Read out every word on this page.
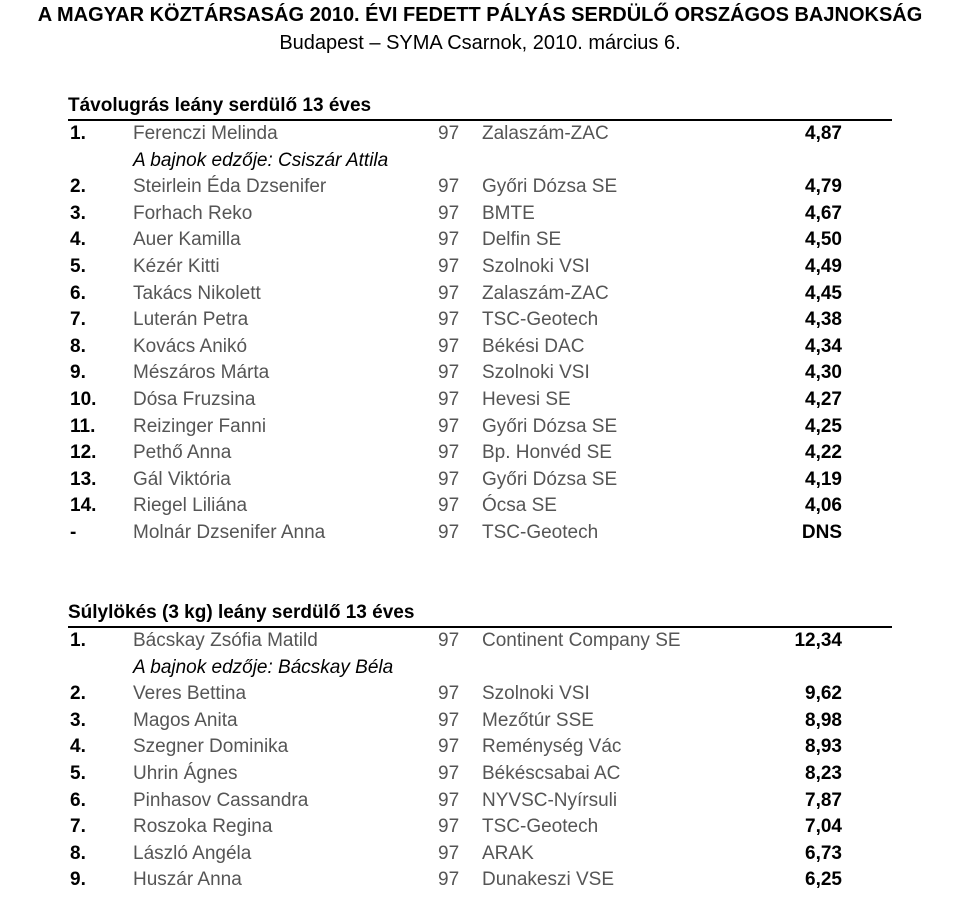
A MAGYAR KÖZTÁRSASÁG 2010. ÉVI FEDETT PÁLYÁS SERDÜLŐ ORSZÁGOS BAJNOKSÁG
Budapest – SYMA Csarnok, 2010. március 6.
Távolugrás leány serdülő 13 éves
1. Ferenczi Melinda	97 Zalaszám-ZAC	4,87
A bajnok edzője: Csiszár Attila
2. Steirlein Éda Dzsenifer	97 Győri Dózsa SE	4,79
3. Forhach Reko	97 BMTE	4,67
4. Auer Kamilla	97 Delfin SE	4,50
5. Kézér Kitti	97 Szolnoki VSI	4,49
6. Takács Nikolett	97 Zalaszám-ZAC	4,45
7. Luterán Petra	97 TSC-Geotech	4,38
8. Kovács Anikó	97 Békési DAC	4,34
9. Mészáros Márta	97 Szolnoki VSI	4,30
10. Dósa Fruzsina	97 Hevesi SE	4,27
11. Reizinger Fanni	97 Győri Dózsa SE	4,25
12. Pethő Anna	97 Bp. Honvéd SE	4,22
13. Gál Viktória	97 Győri Dózsa SE	4,19
14. Riegel Liliána	97 Ócsa SE	4,06
-	Molnár Dzsenifer Anna	97 TSC-Geotech	DNS
Súlylökés (3 kg) leány serdülő 13 éves
1. Bácskay Zsófia Matild	97 Continent Company SE	12,34
A bajnok edzője: Bácskay Béla
2. Veres Bettina	97 Szolnoki VSI	9,62
3. Magos Anita	97 Mezőtúr SSE	8,98
4. Szegner Dominika	97 Reménység Vác	8,93
5. Uhrin Ágnes	97 Békéscsabai AC	8,23
6. Pinhasov Cassandra	97 NYVSC-Nyírsuli	7,87
7. Roszoka Regina	97 TSC-Geotech	7,04
8. László Angéla	97 ARAK	6,73
9. Huszár Anna	97 Dunakeszi VSE	6,25
